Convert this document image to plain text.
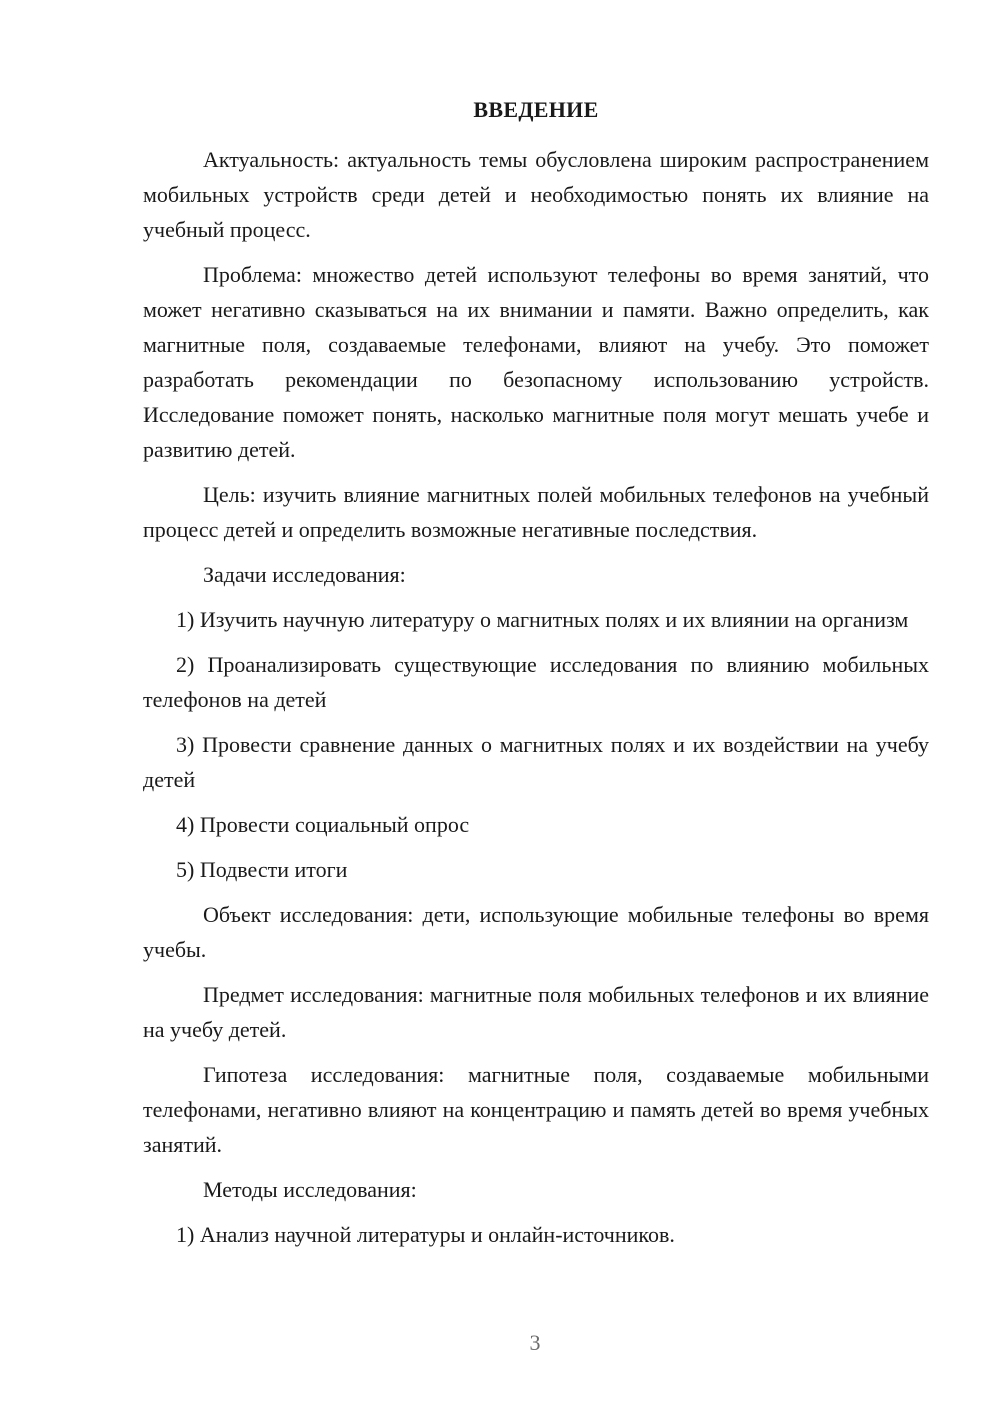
ВВЕДЕНИЕ

Актуальность: актуальность темы обусловлена широким распространением мобильных устройств среди детей и необходимостью понять их влияние на учебный процесс.

Проблема: множество детей используют телефоны во время занятий, что может негативно сказываться на их внимании и памяти. Важно определить, как магнитные поля, создаваемые телефонами, влияют на учебу. Это поможет разработать рекомендации по безопасному использованию устройств. Исследование поможет понять, насколько магнитные поля могут мешать учебе и развитию детей.

Цель: изучить влияние магнитных полей мобильных телефонов на учебный процесс детей и определить возможные негативные последствия.

Задачи исследования:

1) Изучить научную литературу о магнитных полях и их влиянии на организм

2) Проанализировать существующие исследования по влиянию мобильных телефонов на детей

3) Провести сравнение данных о магнитных полях и их воздействии на учебу детей

4) Провести социальный опрос

5) Подвести итоги

Объект исследования: дети, использующие мобильные телефоны во время учебы.

Предмет исследования: магнитные поля мобильных телефонов и их влияние на учебу детей.

Гипотеза исследования: магнитные поля, создаваемые мобильными телефонами, негативно влияют на концентрацию и память детей во время учебных занятий.

Методы исследования:

1) Анализ научной литературы и онлайн-источников.

3
